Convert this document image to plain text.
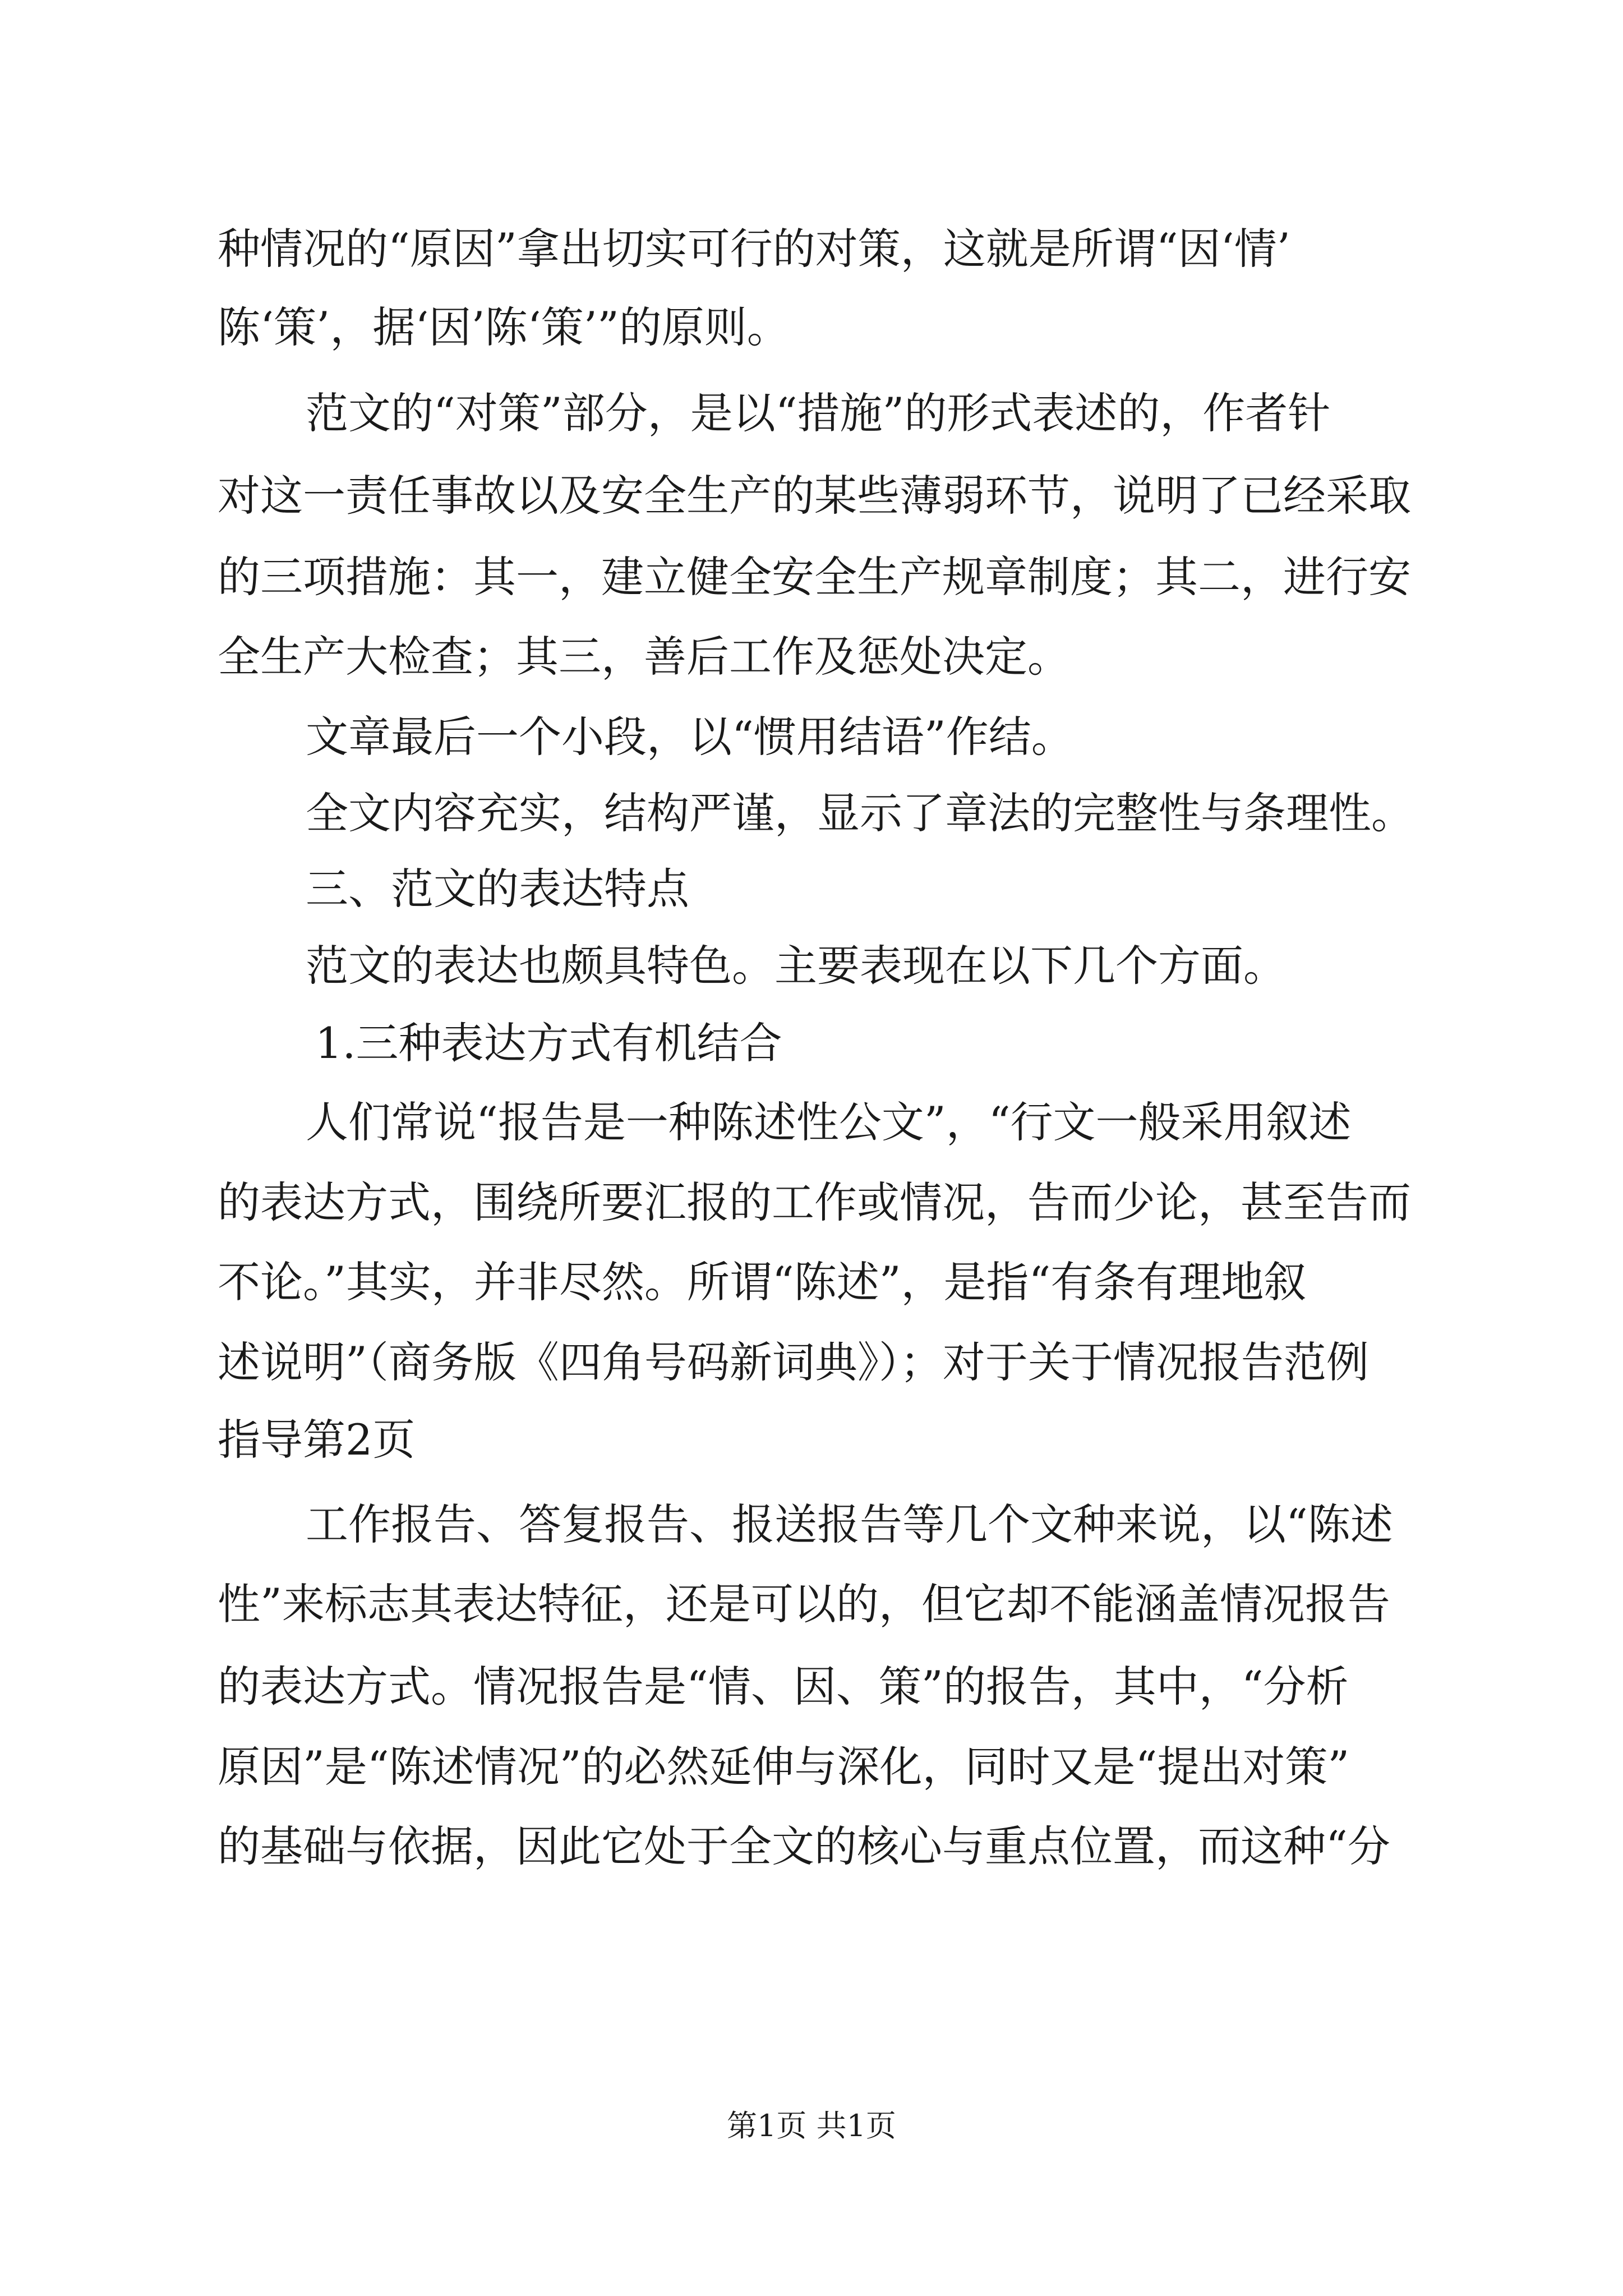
种情况的“原因”拿出切实可行的对策，这就是所谓“因‘情’
陈‘策’，据‘因’陈‘策’”的原则。
范文的“对策”部分，是以“措施”的形式表述的，作者针
对这一责任事故以及安全生产的某些薄弱环节，说明了已经采取
的三项措施：其一，建立健全安全生产规章制度；其二，进行安
全生产大检查；其三，善后工作及惩处决定。
文章最后一个小段，以“惯用结语”作结。
全文内容充实，结构严谨，显示了章法的完整性与条理性。
三、范文的表达特点
范文的表达也颇具特色。主要表现在以下几个方面。
1.三种表达方式有机结合
人们常说“报告是一种陈述性公文”，“行文一般采用叙述
的表达方式，围绕所要汇报的工作或情况，告而少论，甚至告而
不论。”其实，并非尽然。所谓“陈述”，是指“有条有理地叙
述说明”（商务版《四角号码新词典》）；对于关于情况报告范例
指导第2页
工作报告、答复报告、报送报告等几个文种来说，以“陈述
性”来标志其表达特征，还是可以的，但它却不能涵盖情况报告
的表达方式。情况报告是“情、因、策”的报告，其中，“分析
原因”是“陈述情况”的必然延伸与深化，同时又是“提出对策”
的基础与依据，因此它处于全文的核心与重点位置，而这种“分
第1页 共1页
